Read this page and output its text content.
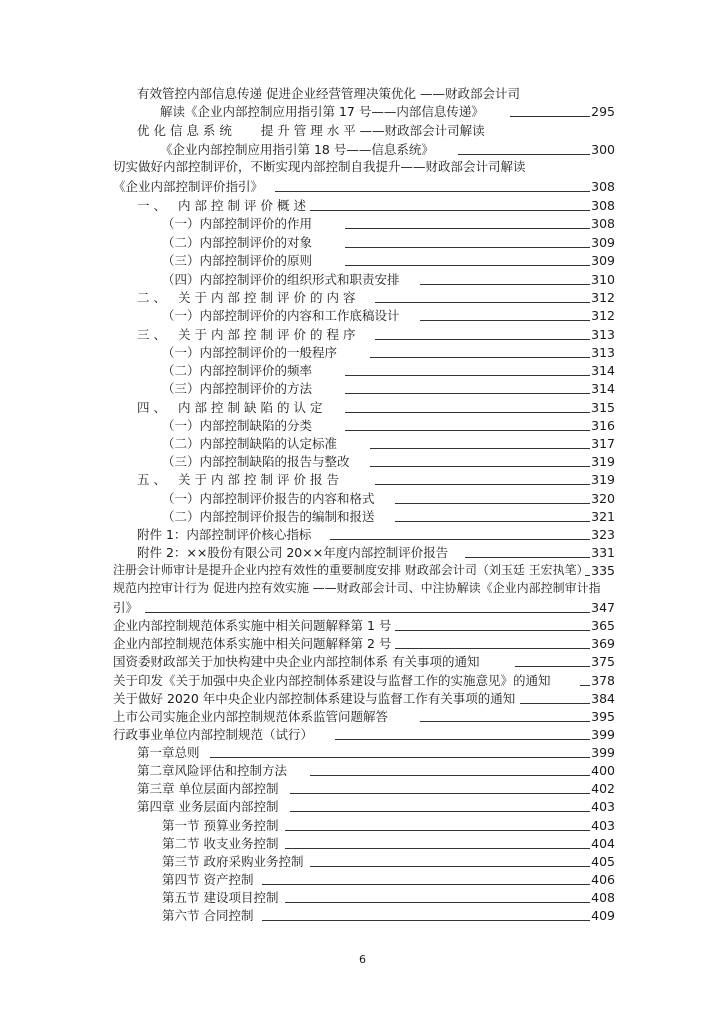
有效管控内部信息传递 促进企业经营管理决策优化 ——财政部会计司
解读《企业内部控制应用指引第 17 号——内部信息传递》	295
优 化 信 息 系 统　　 提 升 管 理 水 平 ——财政部会计司解读
《企业内部控制应用指引第 18 号——信息系统》	300
切实做好内部控制评价，不断实现内部控制自我提升——财政部会计司解读
《企业内部控制评价指引》	308
一、 内部控制评价概述	308
（一）内部控制评价的作用	308
（二）内部控制评价的对象	309
（三）内部控制评价的原则	309
（四）内部控制评价的组织形式和职责安排	310
二、 关于内部控制评价的内容	312
（一）内部控制评价的内容和工作底稿设计	312
三、 关于内部控制评价的程序	313
（一）内部控制评价的一般程序	313
（二）内部控制评价的频率	314
（三）内部控制评价的方法	314
四、 内部控制缺陷的认定	315
（一）内部控制缺陷的分类	316
（二）内部控制缺陷的认定标准	317
（三）内部控制缺陷的报告与整改	319
五、 关于内部控制评价报告	319
（一）内部控制评价报告的内容和格式	320
（二）内部控制评价报告的编制和报送	321
附件 1：内部控制评价核心指标	323
附件 2：××股份有限公司 20××年度内部控制评价报告	331
注册会计师审计是提升企业内控有效性的重要制度安排 财政部会计司（刘玉廷 王宏执笔） 335
规范内控审计行为 促进内控有效实施 ——财政部会计司、中注协解读《企业内部控制审计指
引》	347
企业内部控制规范体系实施中相关问题解释第 1 号	365
企业内部控制规范体系实施中相关问题解释第 2 号	369
国资委财政部关于加快构建中央企业内部控制体系 有关事项的通知	375
关于印发《关于加强中央企业内部控制体系建设与监督工作的实施意见》的通知	378
关于做好 2020 年中央企业内部控制体系建设与监督工作有关事项的通知	384
上市公司实施企业内部控制规范体系监管问题解答	395
行政事业单位内部控制规范（试行）	399
第一章总则	399
第二章风险评估和控制方法	400
第三章 单位层面内部控制	402
第四章 业务层面内部控制	403
第一节 预算业务控制	403
第二节 收支业务控制	404
第三节 政府采购业务控制	405
第四节 资产控制	406
第五节 建设项目控制	408
第六节 合同控制	409
6
